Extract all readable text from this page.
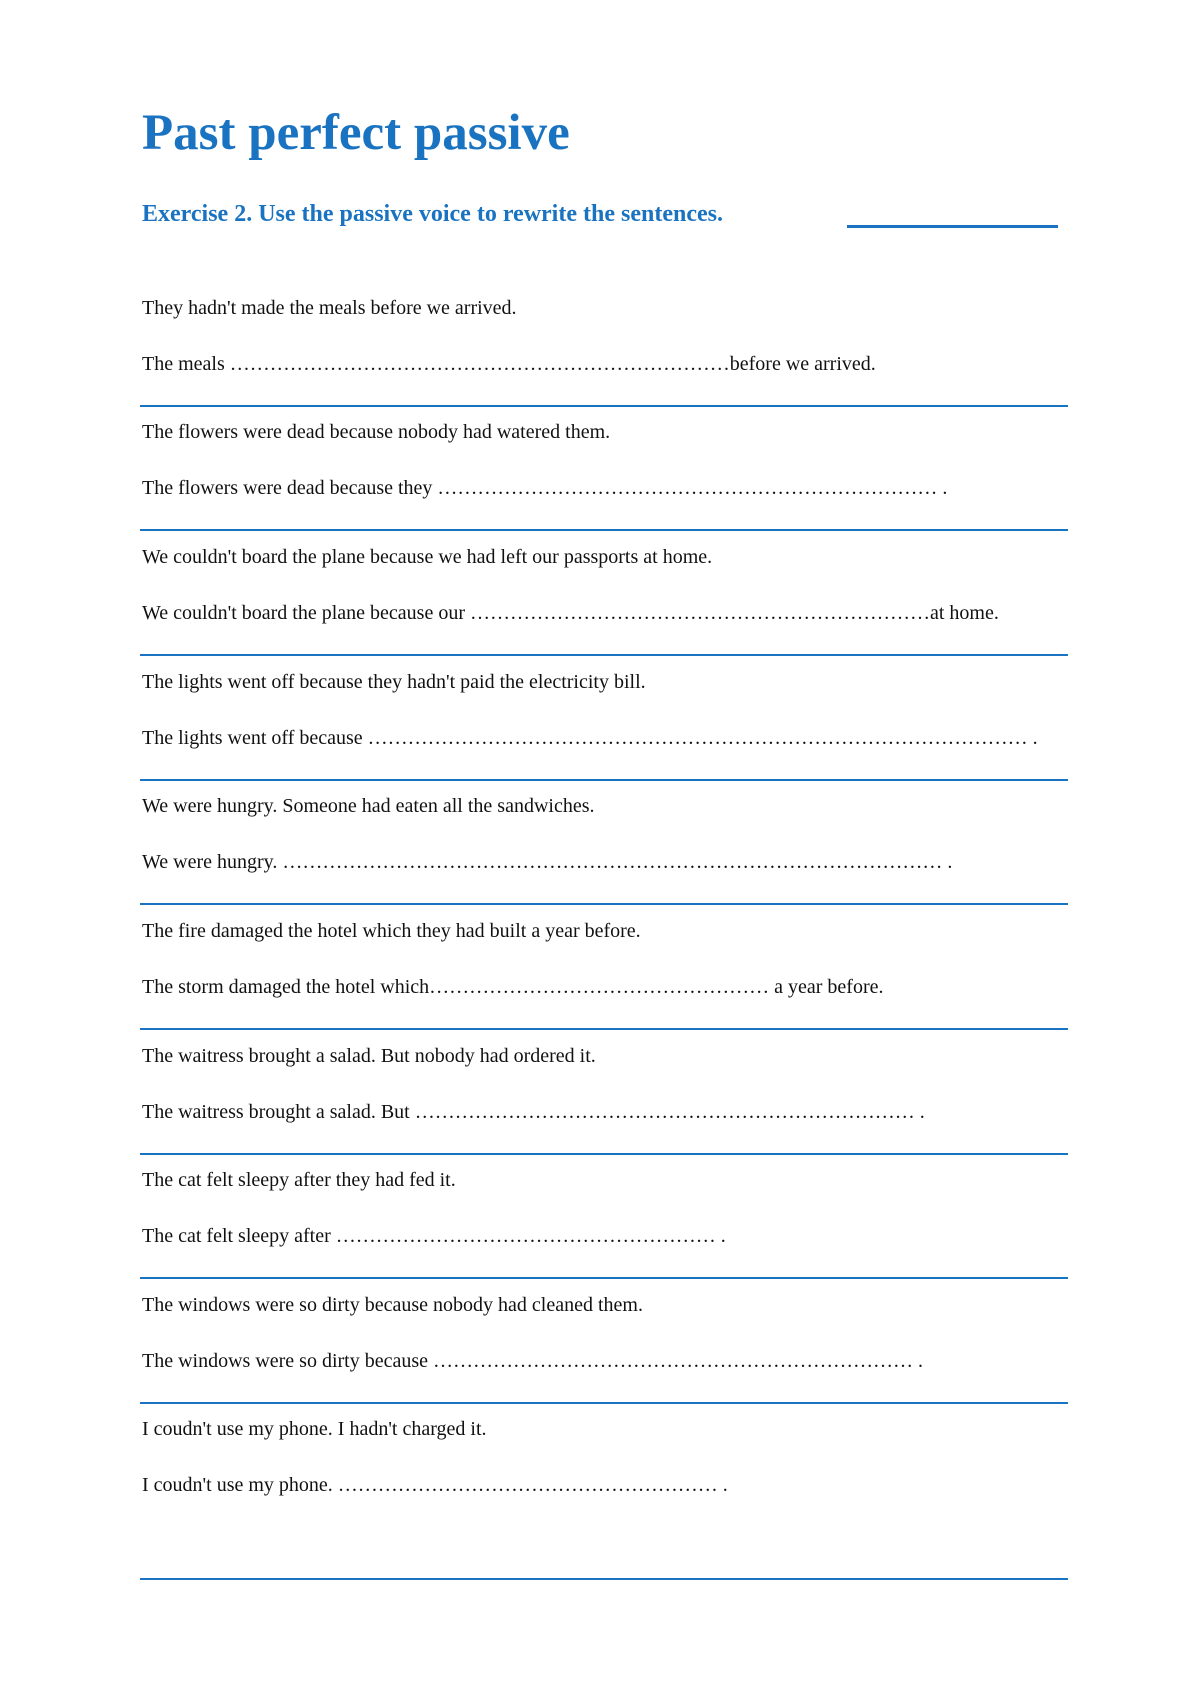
Past perfect passive
Exercise 2. Use the passive voice to rewrite the sentences.
They hadn't made the meals before we arrived.
The meals …………………………………………………………………before we arrived.
The flowers were dead because nobody had watered them.
The flowers were dead because they ………………………………………………………………… .
We couldn't board the plane because we had left our passports at home.
We couldn't board the plane because our ……………………………………………………………at home.
The lights went off because they hadn't paid the electricity bill.
The lights went off because ……………………………………………………………………………………… .
We were hungry. Someone had eaten all the sandwiches.
We were hungry. ……………………………………………………………………………………… .
The fire damaged the hotel which they had built a year before.
The storm damaged the hotel which…………………………………………… a year before.
The waitress brought a salad. But nobody had ordered it.
The waitress brought a salad. But ………………………………………………………………… .
The cat felt sleepy after they had fed it.
The cat felt sleepy after ………………………………………………… .
The windows were so dirty because nobody had cleaned them.
The windows were so dirty because ……………………………………………………………… .
I coudn't use my phone. I hadn't charged it.
I coudn't use my phone. ………………………………………………… .
